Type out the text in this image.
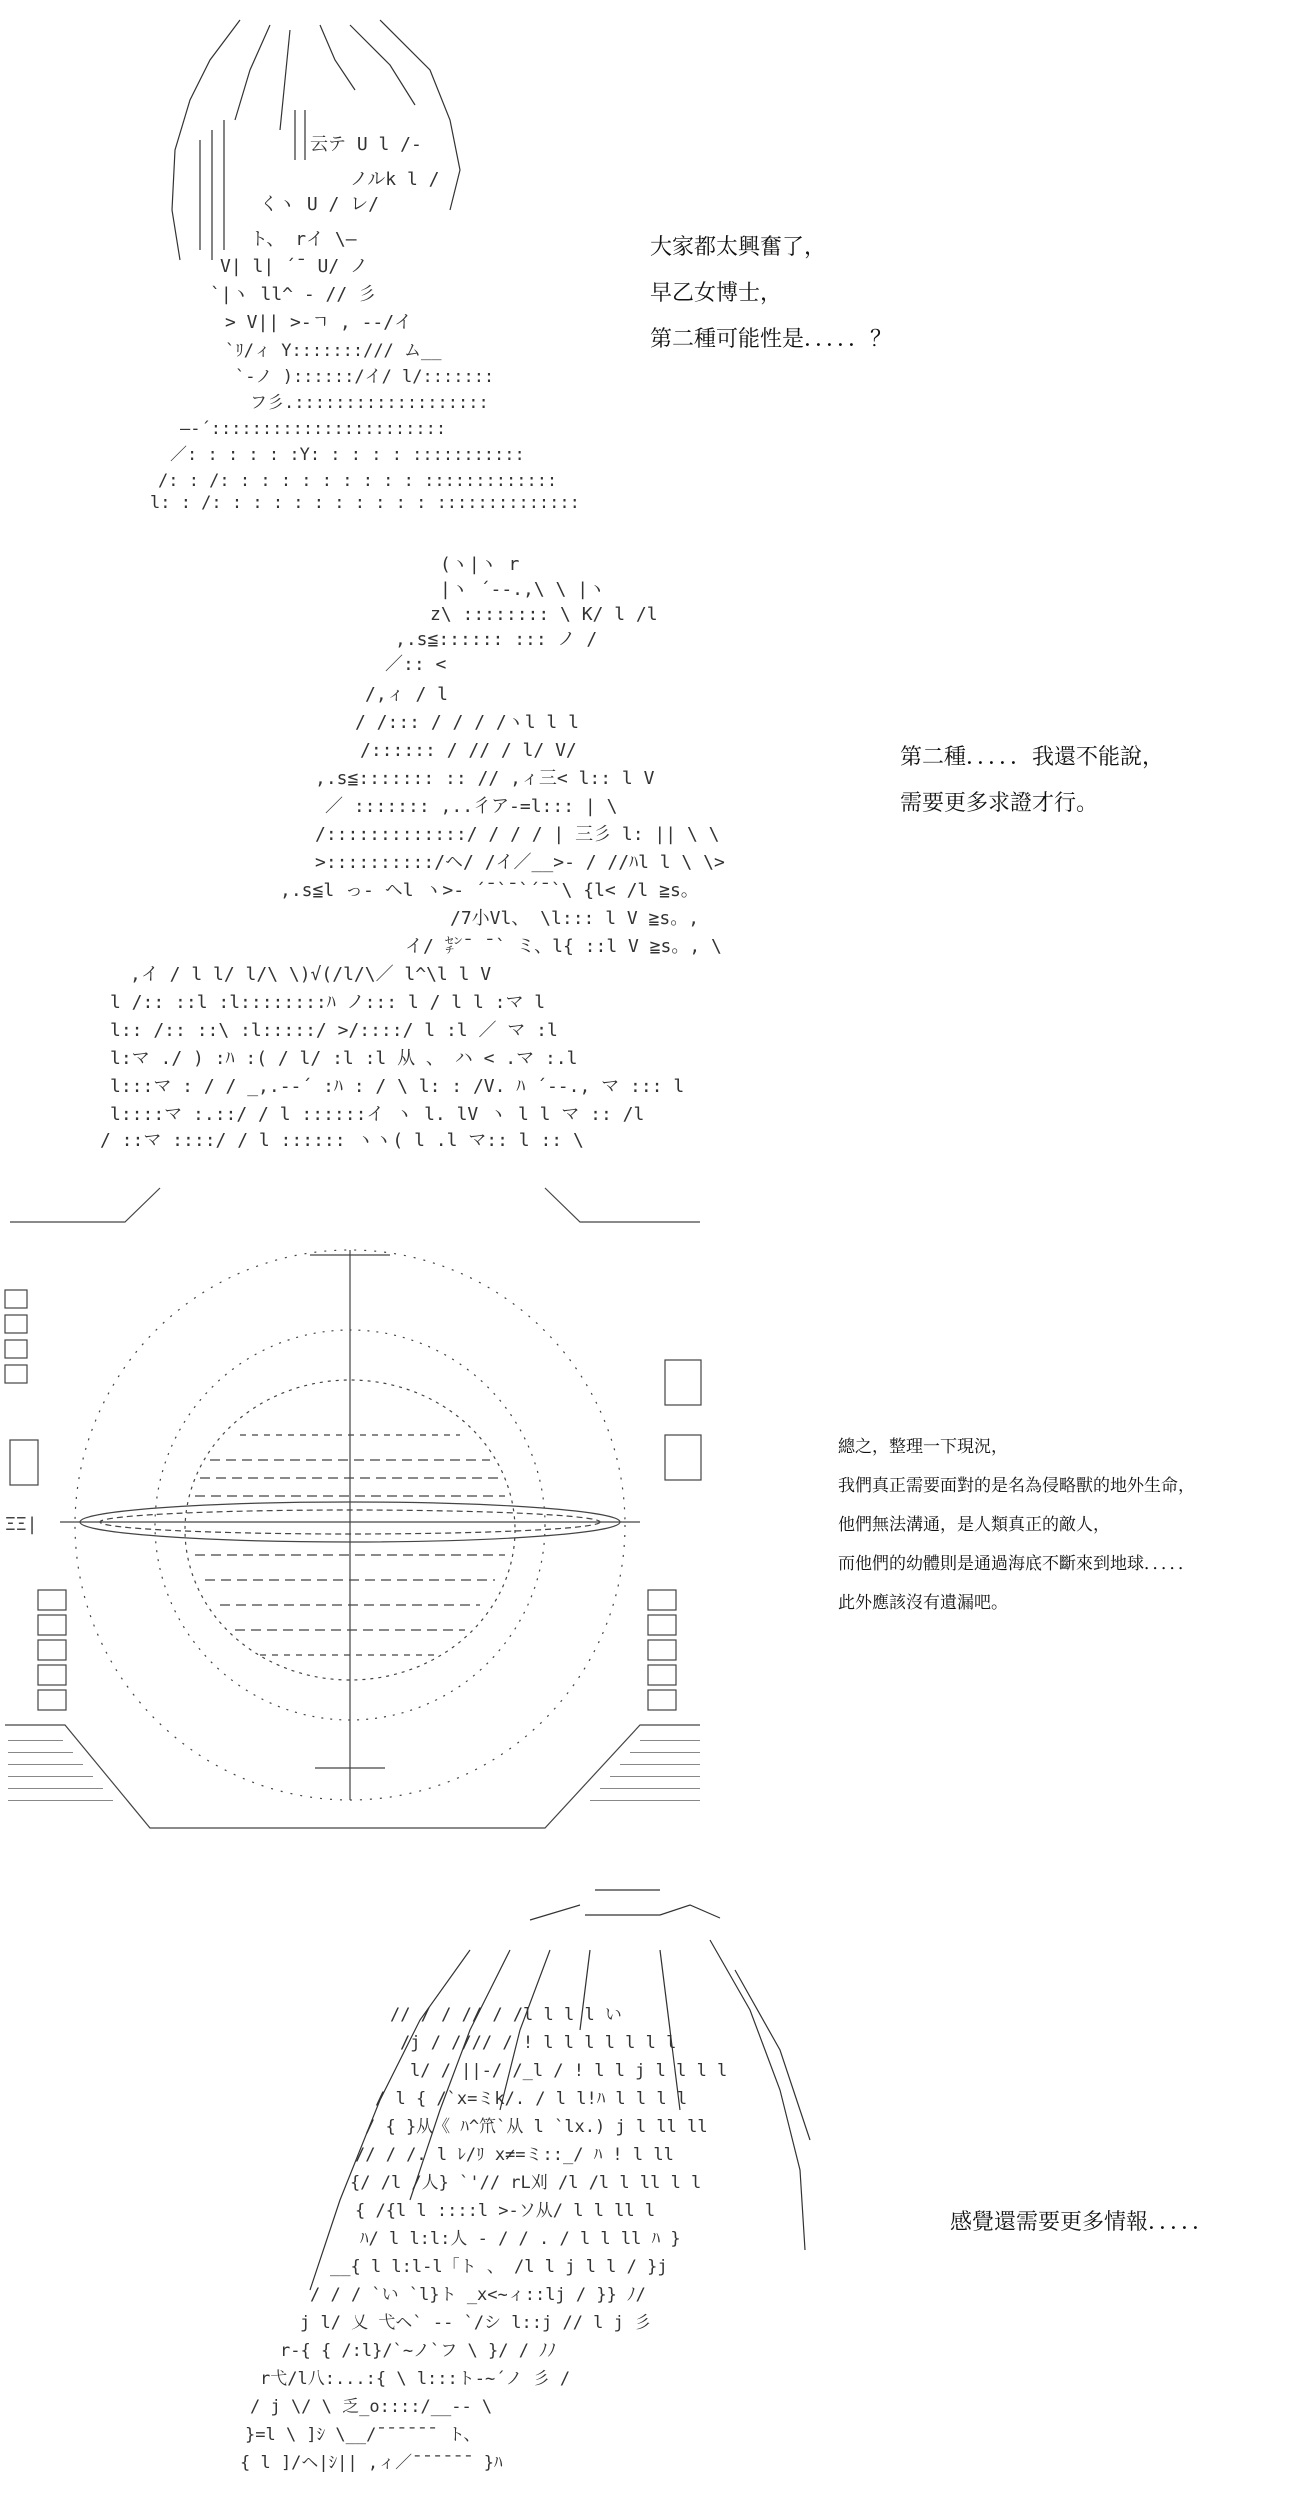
云テ U l /-
ノルk l /
くヽ U / レ/
ト、 rイ \—
V| l| ´¯ U/ ノ
`|ヽ ll^ - // 彡
> V|| >‐ㄱ , ‐-/イ
`ﾘ/ィ Y:::::::/// ム__
`-ノ )::::::/イ/ l/:::::::
フ彡.:::::::::::::::::::
—‐´:::::::::::::::::::::::
／: : : : : :Y: : : : : :::::::::::
/: : /: : : : : : : : : : :::::::::::::
l: : /: : : : : : : : : : : ::::::::::::::
大家都太興奮了，
早乙女博士，
第二種可能性是．．．．．？
(ヽ|ヽ r
|ヽ ´‐‐.,\ \ |ヽ
z\ :::::::: \ K/ l /l
,.s≦:::::: ::: ノ /
／:: <
/,ィ / l
/ /::: / / / /ヽl l l
/:::::: / // / l/ V/
,.s≦::::::: :: // ,ィ三< l:: l V
／ ::::::: ,..彳ア-=l::: | \
/:::::::::::::/ / / / | 三彡 l: || \ \
>::::::::::/ヘ/ /イ／__>- / //ﾊl l \ \>
,.s≦l っ‐ ヘl ヽ>- ´¯`¯`´¯`\ {l< /l ≧s。
/7小Vl、 \l::: l V ≧s。,
イ/ ㌢¯ ¯` ミ、l{ ::l V ≧s。, \
,イ / l l/ l/\ \)√(/l/\／ l^\l l V
l /:: ::l :l::::::::ﾊ ノ::: l / l l :マ l
l:: /:: ::\ :l:::::/ >/::::/ l :l ／ マ :l
l:マ ./ ) :ﾊ :( / l/ :l :l 从 、 ハ < .マ :.l
l:::マ : / / _,.-‐´ :ﾊ : / \ l: : /V. ﾊ ´‐-., マ ::: l
l::::マ :.::/ / l ::::::イ ヽ l. lV ヽ l l マ :: /l
/ ::マ ::::/ / l :::::: ヽヽ( l .l マ:: l :: \
第二種．．．．．我還不能說，
需要更多求證才行。
ΞΞ|
總之，整理一下現況，
我們真正需要面對的是名為侵略獸的地外生命，
他們無法溝通，是人類真正的敵人，
而他們的幼體則是通過海底不斷來到地球．．．．．
此外應該沒有遺漏吧。
// / / // / /l l l l い
/j / //// / ! l l l l l l l
l/ / ||‐/ /_l / ! l l j l l l l
/ l { /`x=ミk/. / l l!ﾊ l l l l
/ { }从《 ﾊ^笊`从 l `lx.) j l ll ll
// / /. l ﾚ/ﾘ x≠=ミ::_/ ﾊ ! l ll
{/ /l /人} `'// rL刈 /l /l l ll l l
{ /{l l ::::l >‐ソ从/ l l ll l
ﾊ/ l l:l:人 - / / . / l l ll ﾊ }
__{ l l:l‐l「ト 、 /l l j l l / }j
/ / / `い `l}ト _x<~ィ::lj / }} ﾉ/
j l/ 乂 弋ヘ` ‐- `/シ l::j // l j 彡
r‐{ { /:l}/`~ノ`フ \ }/ / ﾉﾉ
r弋/l八:...:{ \ l:::ト‐~´ノ 彡 /
/ j \/ \ 乏_o::::/__‐‐ \
}=l \ ]ｼ \__/¯¯¯¯¯¯ ト、
{ l ]/ヘ|ｼ|| ,ィ／¯¯¯¯¯¯ }ﾊ
感覺還需要更多情報．．．．．
